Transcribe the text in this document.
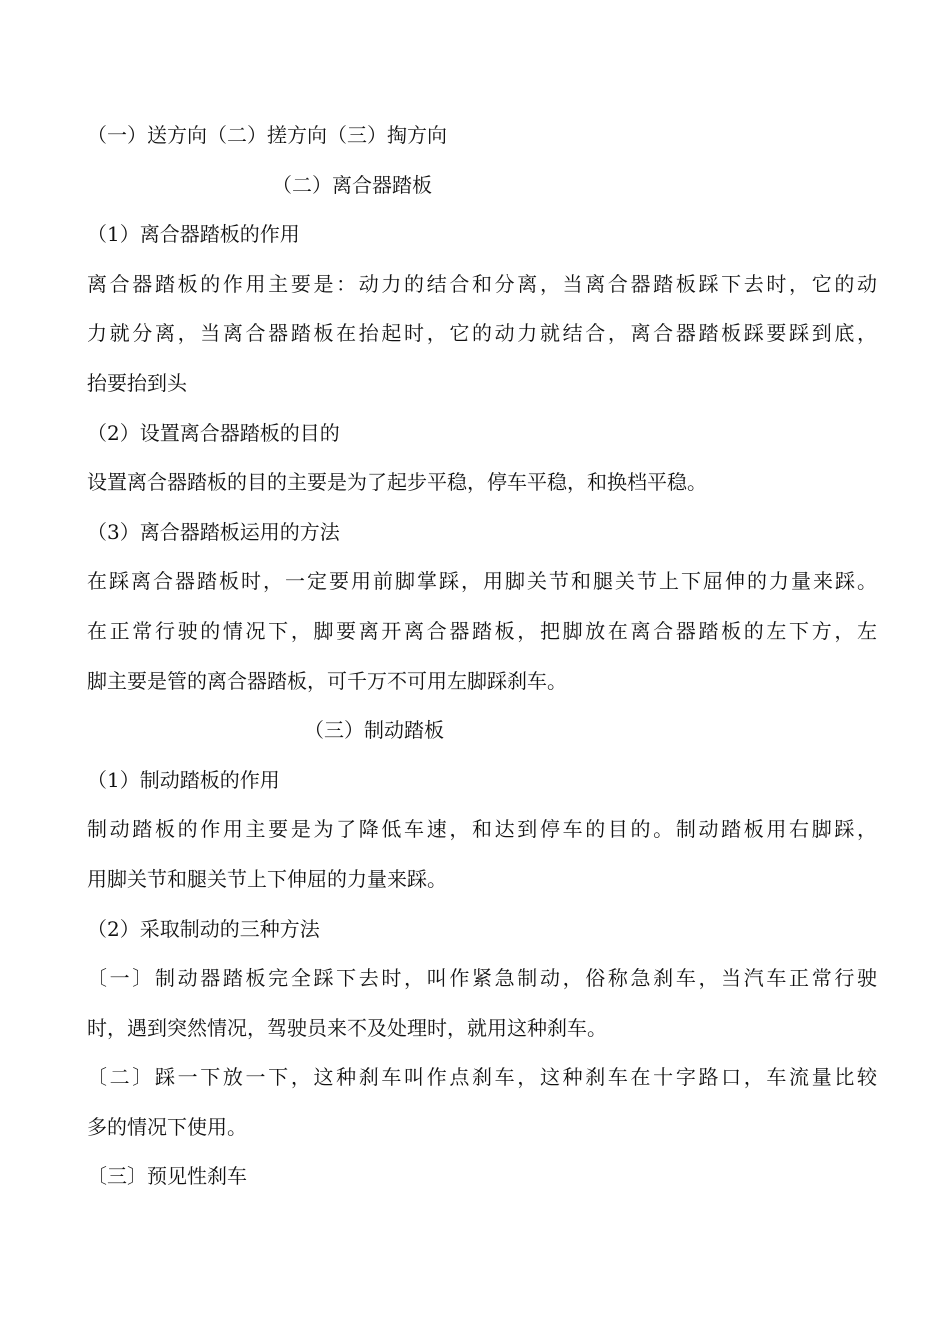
（一）送方向（二）搓方向（三）掏方向
（二）离合器踏板
（1）离合器踏板的作用
离合器踏板的作用主要是：动力的结合和分离，当离合器踏板踩下去时，它的动
力就分离，当离合器踏板在抬起时，它的动力就结合，离合器踏板踩要踩到底，
抬要抬到头
（2）设置离合器踏板的目的
设置离合器踏板的目的主要是为了起步平稳，停车平稳，和换档平稳。
（3）离合器踏板运用的方法
在踩离合器踏板时，一定要用前脚掌踩，用脚关节和腿关节上下屈伸的力量来踩。
在正常行驶的情况下，脚要离开离合器踏板，把脚放在离合器踏板的左下方，左
脚主要是管的离合器踏板，可千万不可用左脚踩刹车。
（三）制动踏板
（1）制动踏板的作用
制动踏板的作用主要是为了降低车速，和达到停车的目的。制动踏板用右脚踩，
用脚关节和腿关节上下伸屈的力量来踩。
（2）采取制动的三种方法
〔一〕制动器踏板完全踩下去时，叫作紧急制动，俗称急刹车，当汽车正常行驶
时，遇到突然情况，驾驶员来不及处理时，就用这种刹车。
〔二〕踩一下放一下，这种刹车叫作点刹车，这种刹车在十字路口，车流量比较
多的情况下使用。
〔三〕预见性刹车
